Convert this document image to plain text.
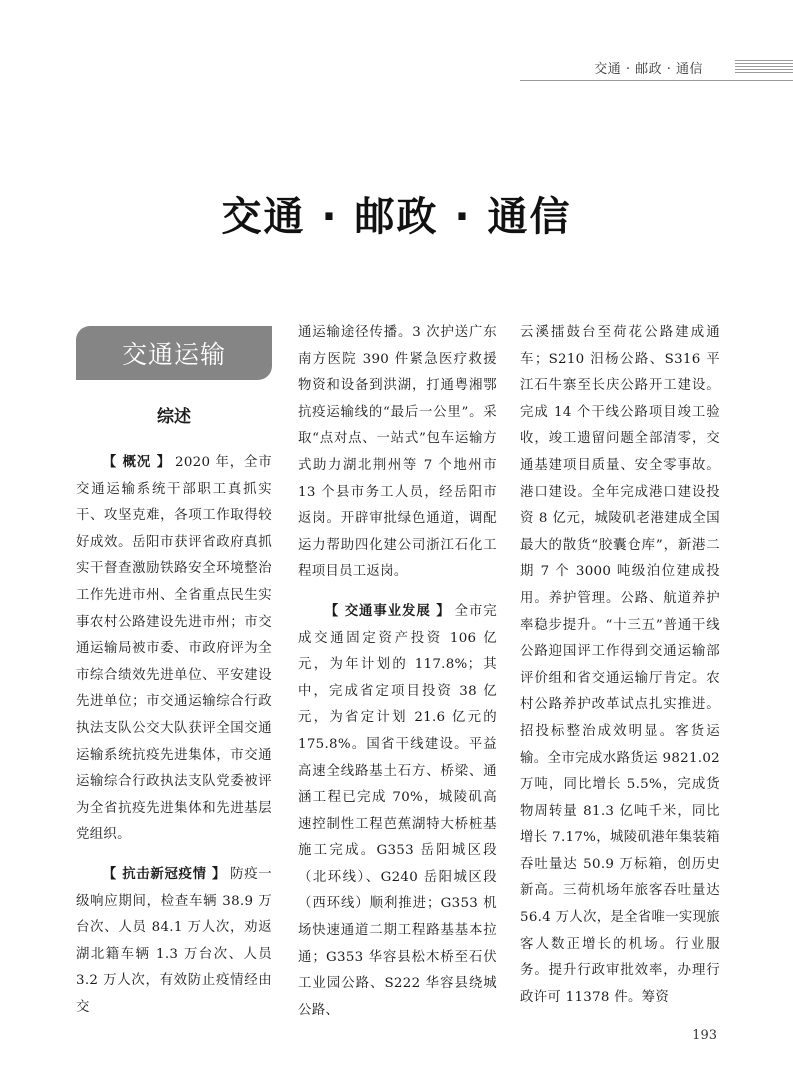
交通 · 邮政 · 通信
交通 · 邮政 · 通信
交通运输
综述

【 概况 】 2020 年，全市交通运输系统干部职工真抓实干、攻坚克难，各项工作取得较好成效。岳阳市获评省政府真抓实干督查激励铁路安全环境整治工作先进市州、全省重点民生实事农村公路建设先进市州；市交通运输局被市委、市政府评为全市综合绩效先进单位、平安建设先进单位；市交通运输综合行政执法支队公交大队获评全国交通运输系统抗疫先进集体，市交通运输综合行政执法支队党委被评为全省抗疫先进集体和先进基层党组织。

【 抗击新冠疫情 】 防疫一级响应期间，检查车辆 38.9 万台次、人员 84.1 万人次，劝返湖北籍车辆 1.3 万台次、人员 3.2 万人次，有效防止疫情经由交

通运输途径传播。3 次护送广东南方医院 390 件紧急医疗救援物资和设备到洪湖，打通粤湘鄂抗疫运输线的“最后一公里”。采取“点对点、一站式”包车运输方式助力湖北荆州等 7 个地州市 13 个县市务工人员，经岳阳市返岗。开辟审批绿色通道，调配运力帮助四化建公司浙江石化工程项目员工返岗。

【 交通事业发展 】 全市完成交通固定资产投资 106 亿元，为年计划的 117.8%；其中，完成省定项目投资 38 亿元，为省定计划 21.6 亿元的 175.8%。国省干线建设。平益高速全线路基土石方、桥梁、通涵工程已完成 70%，城陵矶高速控制性工程芭蕉湖特大桥桩基施工完成。G353 岳阳城区段（北环线）、G240 岳阳城区段（西环线）顺利推进；G353 机场快速通道二期工程路基基本拉通；G353 华容县松木桥至石伏工业园公路、S222 华容县绕城公路、

云溪擂鼓台至荷花公路建成通车；S210 汨杨公路、S316 平江石牛寨至长庆公路开工建设。完成 14 个干线公路项目竣工验收，竣工遗留问题全部清零，交通基建项目质量、安全零事故。港口建设。全年完成港口建设投资 8 亿元，城陵矶老港建成全国最大的散货“胶囊仓库”，新港二期 7 个 3000 吨级泊位建成投用。养护管理。公路、航道养护率稳步提升。“十三五”普通干线公路迎国评工作得到交通运输部评价组和省交通运输厅肯定。农村公路养护改革试点扎实推进。招投标整治成效明显。客货运输。全市完成水路货运 9821.02 万吨，同比增长 5.5%，完成货物周转量 81.3 亿吨千米，同比增长 7.17%，城陵矶港年集装箱吞吐量达 50.9 万标箱，创历史新高。三荷机场年旅客吞吐量达 56.4 万人次，是全省唯一实现旅客人数正增长的机场。行业服务。提升行政审批效率，办理行政许可 11378 件。筹资

193
